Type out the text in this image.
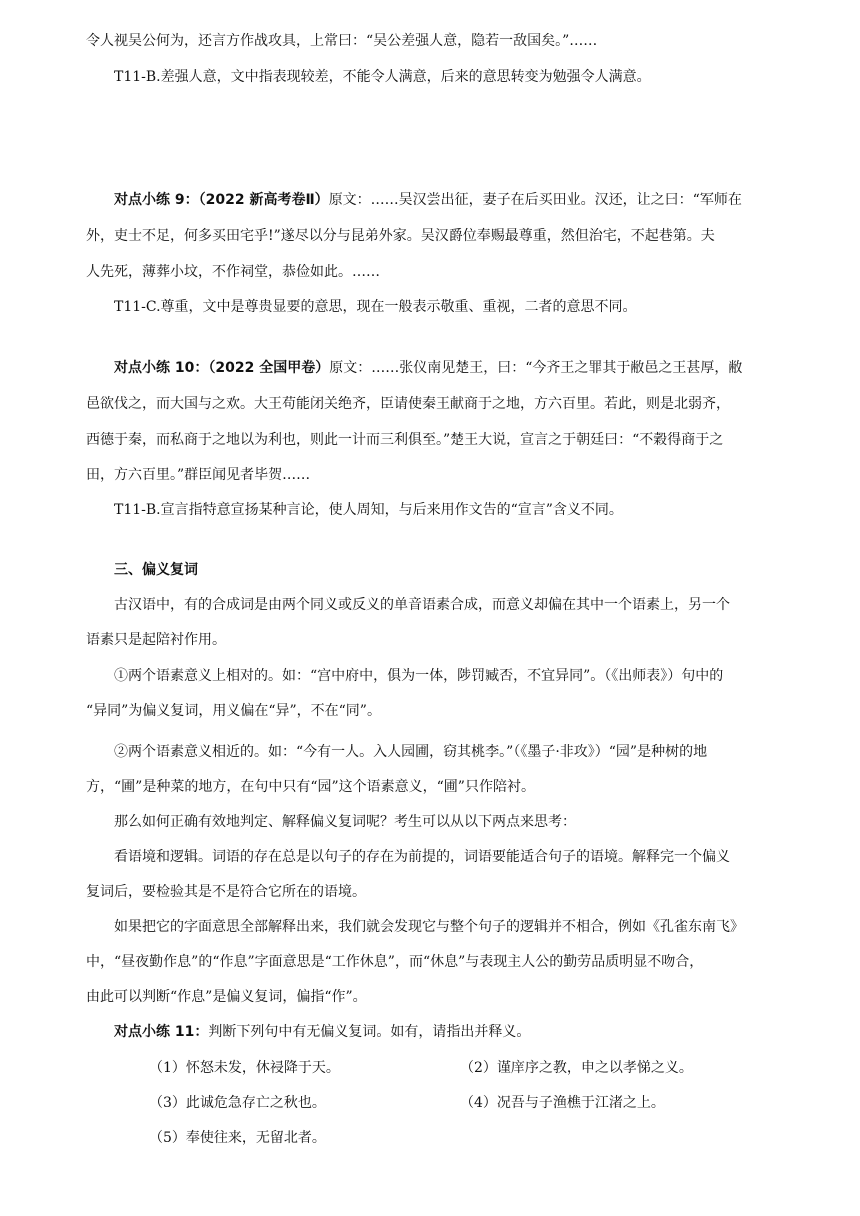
令人视吴公何为，还言方作战攻具，上常曰：“吴公差强人意，隐若一敌国矣。”……

T11-B.差强人意，文中指表现较差，不能令人满意，后来的意思转变为勉强令人满意。

对点小练 9：（2022 新高考卷Ⅱ）原文：……吴汉尝出征，妻子在后买田业。汉还，让之曰：“军师在

外，吏士不足，何多买田宅乎!”遂尽以分与昆弟外家。吴汉爵位奉赐最尊重，然但治宅，不起巷第。夫

人先死，薄葬小坟，不作祠堂，恭俭如此。……

T11-C.尊重，文中是尊贵显要的意思，现在一般表示敬重、重视，二者的意思不同。

对点小练 10：（2022 全国甲卷）原文：……张仪南见楚王，曰：“今齐王之罪其于敝邑之王甚厚，敝

邑欲伐之，而大国与之欢。大王苟能闭关绝齐，臣请使秦王献商于之地，方六百里。若此，则是北弱齐，

西德于秦，而私商于之地以为利也，则此一计而三利俱至。”楚王大说，宣言之于朝廷曰：“不穀得商于之

田，方六百里。”群臣闻见者毕贺……

T11-B.宣言指特意宣扬某种言论，使人周知，与后来用作文告的“宣言”含义不同。

三、偏义复词

古汉语中，有的合成词是由两个同义或反义的单音语素合成，而意义却偏在其中一个语素上，另一个

语素只是起陪衬作用。

①两个语素意义上相对的。如：“宫中府中，俱为一体，陟罚臧否，不宜异同”。（《出师表》）句中的

“异同”为偏义复词，用义偏在“异”，不在“同”。

②两个语素意义相近的。如：“今有一人。入人园圃，窃其桃李。”（《墨子·非攻》）“园”是种树的地

方，“圃”是种菜的地方，在句中只有“园”这个语素意义，“圃”只作陪衬。

那么如何正确有效地判定、解释偏义复词呢？考生可以从以下两点来思考：

看语境和逻辑。词语的存在总是以句子的存在为前提的，词语要能适合句子的语境。解释完一个偏义

复词后，要检验其是不是符合它所在的语境。

如果把它的字面意思全部解释出来，我们就会发现它与整个句子的逻辑并不相合，例如《孔雀东南飞》

中，“昼夜勤作息”的“作息”字面意思是“工作休息”，而“休息”与表现主人公的勤劳品质明显不吻合，

由此可以判断“作息”是偏义复词，偏指“作”。

对点小练 11：判断下列句中有无偏义复词。如有，请指出并释义。

（1）怀怒未发，休祲降于天。	（2）谨庠序之教，申之以孝悌之义。

（3）此诚危急存亡之秋也。	（4）况吾与子渔樵于江渚之上。

（5）奉使往来，无留北者。
